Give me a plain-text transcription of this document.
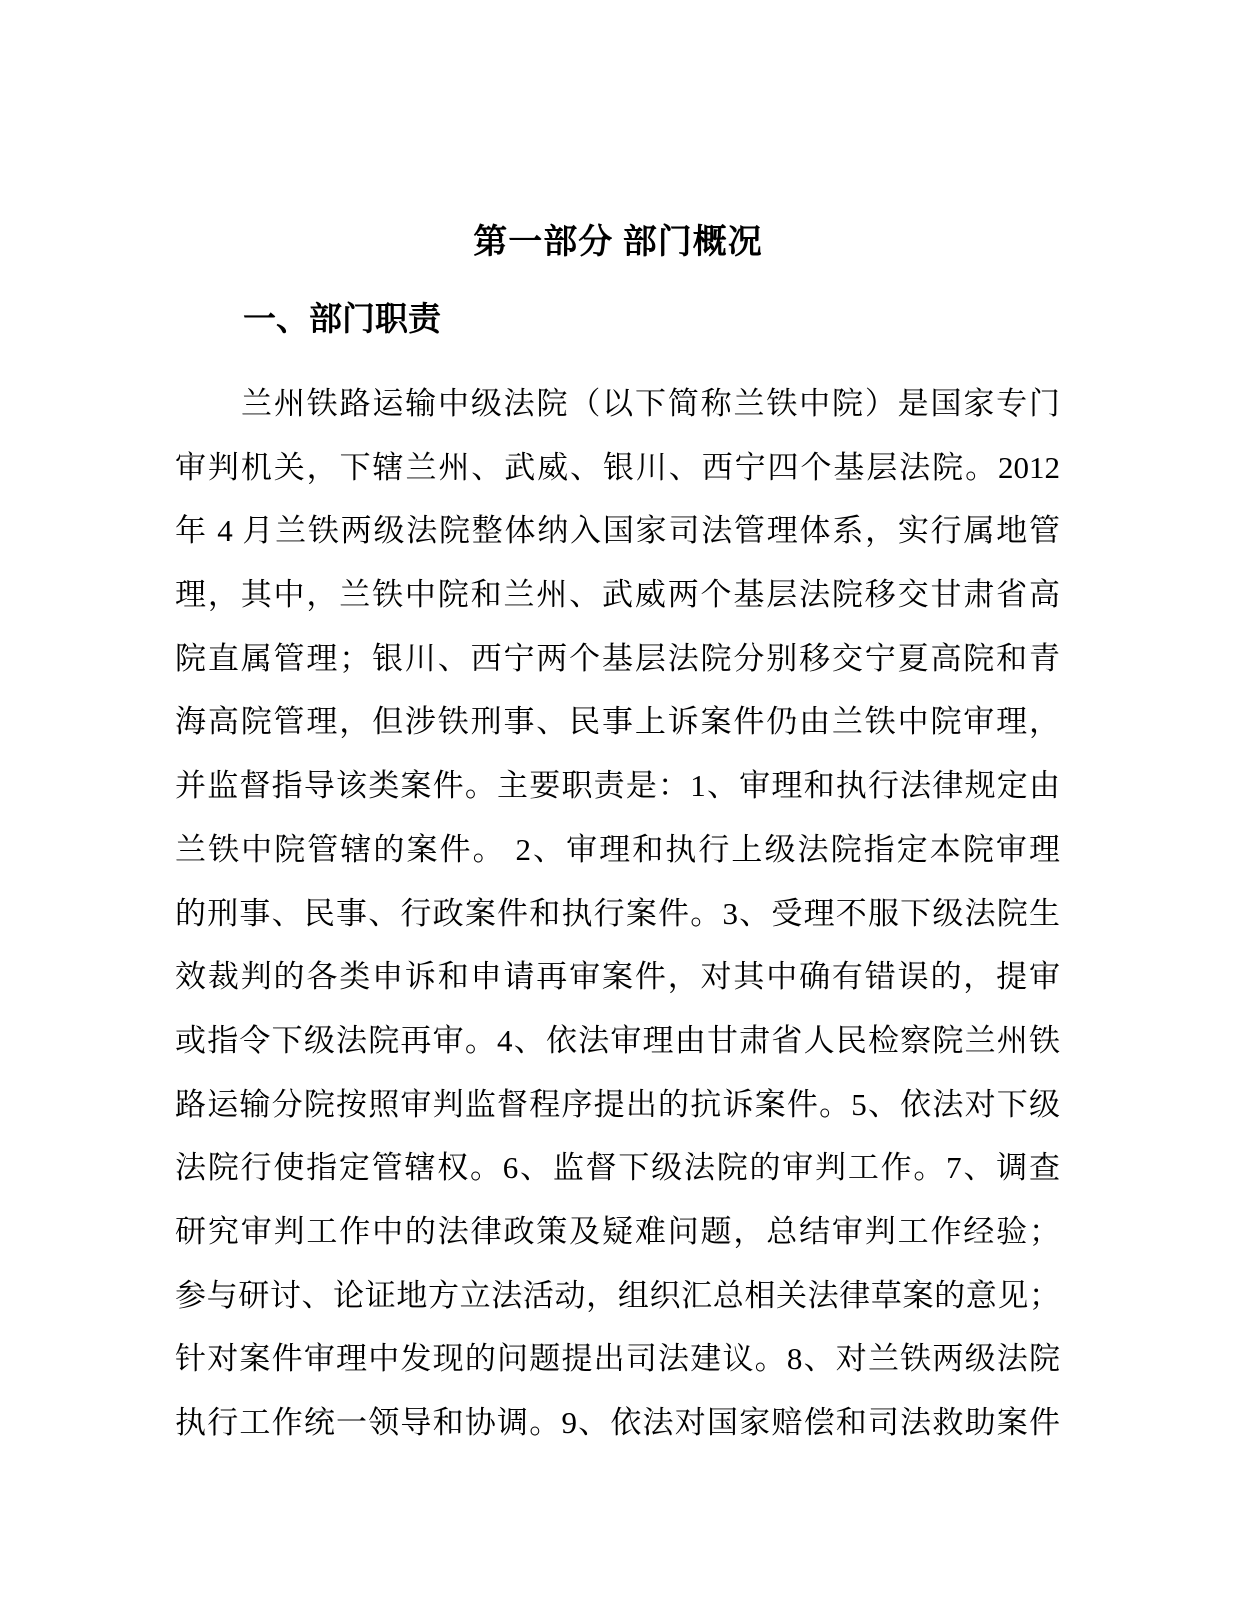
第一部分 部门概况
一、部门职责
兰州铁路运输中级法院（以下简称兰铁中院）是国家专门
审判机关，下辖兰州、武威、银川、西宁四个基层法院。2012
年 4 月兰铁两级法院整体纳入国家司法管理体系，实行属地管
理，其中，兰铁中院和兰州、武威两个基层法院移交甘肃省高
院直属管理；银川、西宁两个基层法院分别移交宁夏高院和青
海高院管理，但涉铁刑事、民事上诉案件仍由兰铁中院审理，
并监督指导该类案件。主要职责是：1、审理和执行法律规定由
兰铁中院管辖的案件。 2、审理和执行上级法院指定本院审理
的刑事、民事、行政案件和执行案件。3、受理不服下级法院生
效裁判的各类申诉和申请再审案件，对其中确有错误的，提审
或指令下级法院再审。4、依法审理由甘肃省人民检察院兰州铁
路运输分院按照审判监督程序提出的抗诉案件。5、依法对下级
法院行使指定管辖权。6、监督下级法院的审判工作。7、调查
研究审判工作中的法律政策及疑难问题，总结审判工作经验；
参与研讨、论证地方立法活动，组织汇总相关法律草案的意见；
针对案件审理中发现的问题提出司法建议。8、对兰铁两级法院
执行工作统一领导和协调。9、依法对国家赔偿和司法救助案件
